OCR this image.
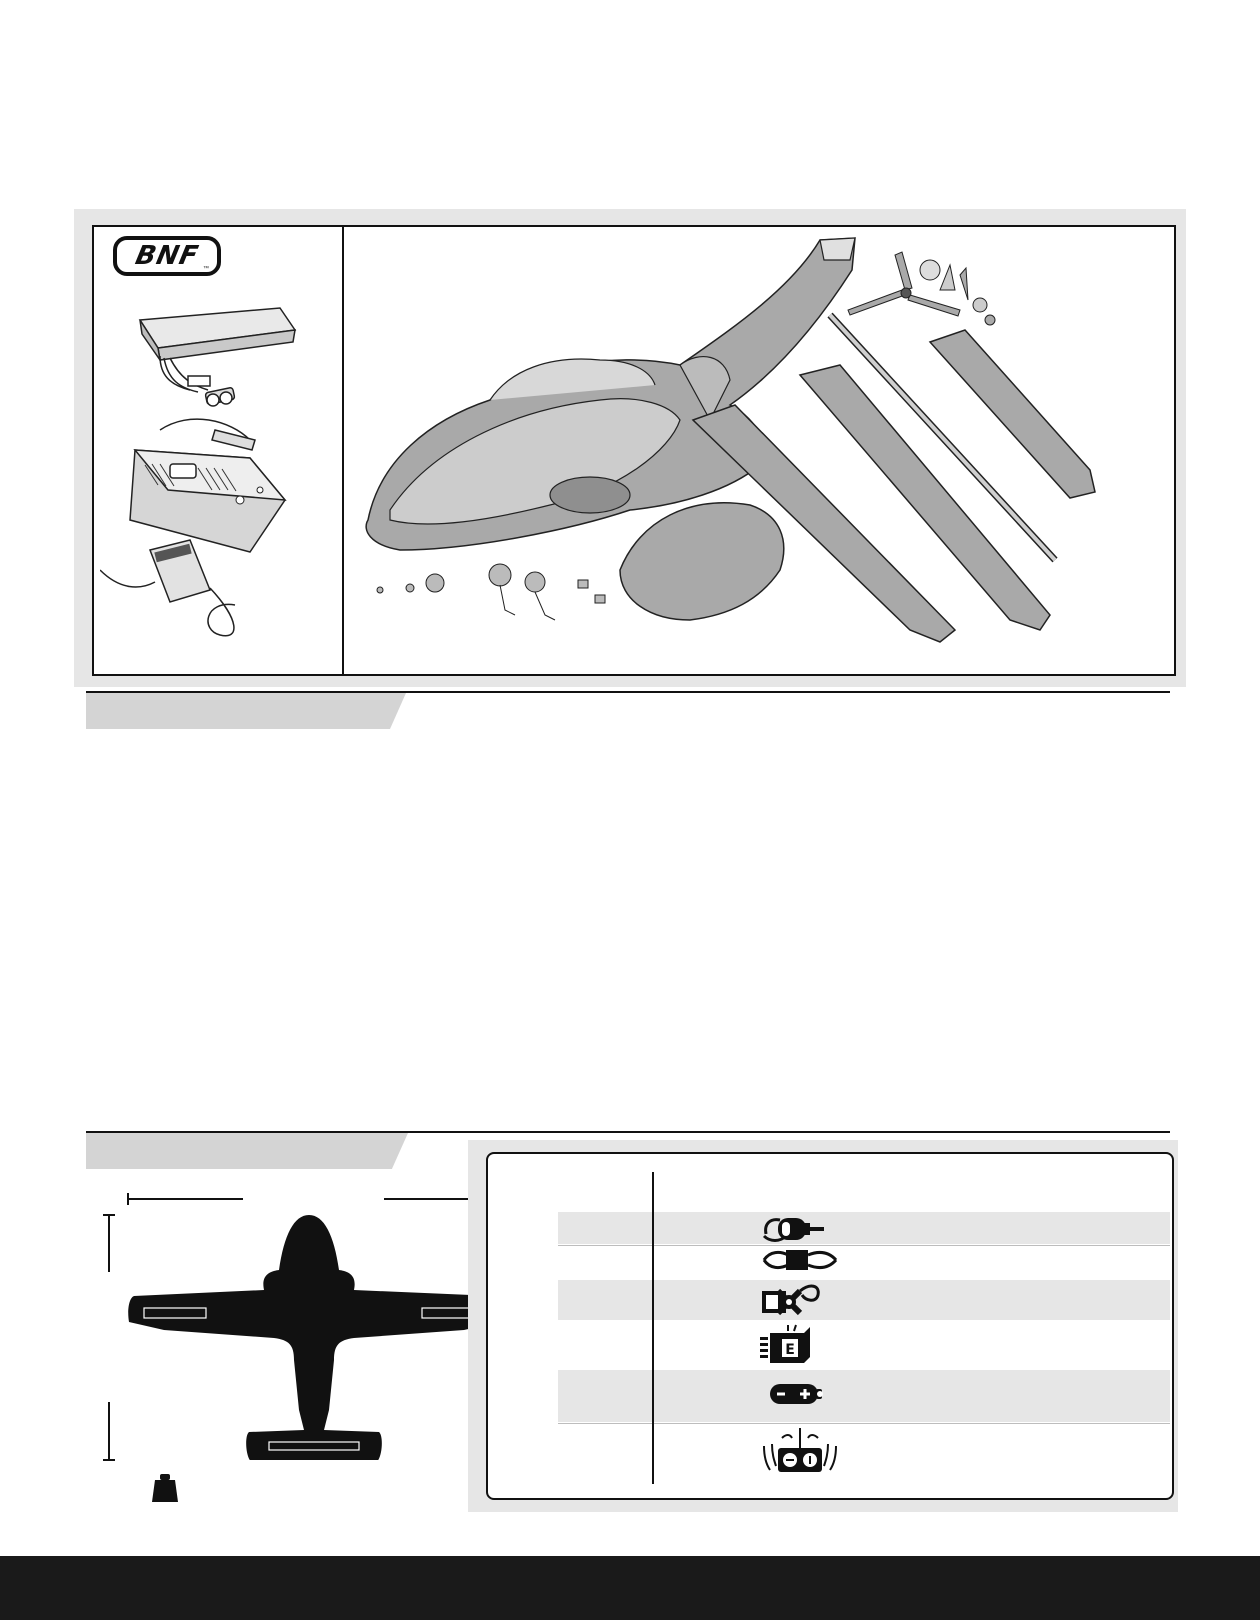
BNF ™
E
